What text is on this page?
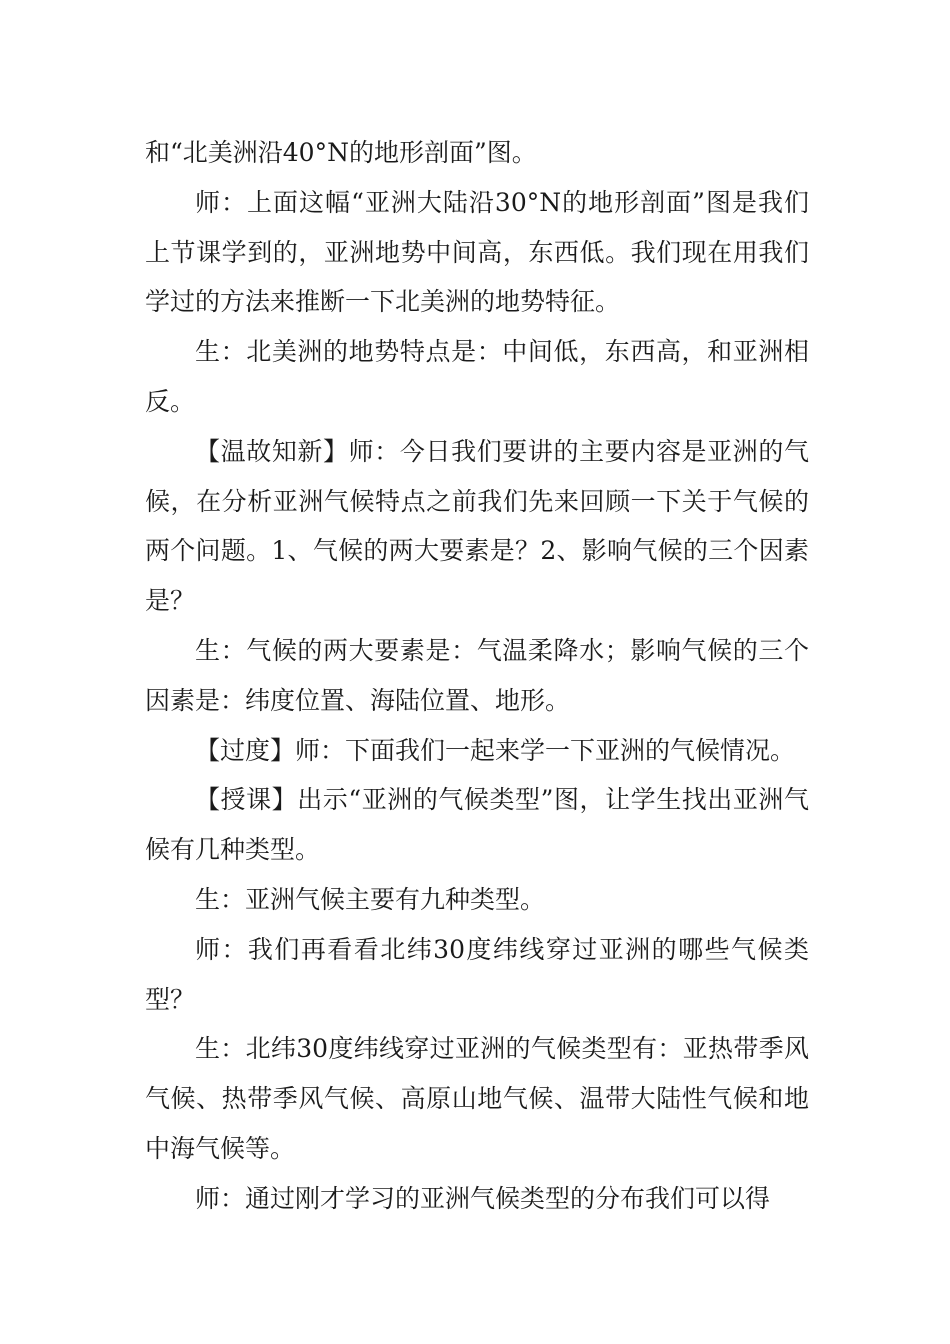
和“北美洲沿40°N的地形剖面”图。

师：上面这幅“亚洲大陆沿30°N的地形剖面”图是我们上节课学到的，亚洲地势中间高，东西低。我们现在用我们学过的方法来推断一下北美洲的地势特征。

生：北美洲的地势特点是：中间低，东西高，和亚洲相反。

【温故知新】师：今日我们要讲的主要内容是亚洲的气候，在分析亚洲气候特点之前我们先来回顾一下关于气候的两个问题。1、气候的两大要素是？2、影响气候的三个因素是？

生：气候的两大要素是：气温柔降水；影响气候的三个因素是：纬度位置、海陆位置、地形。

【过度】师：下面我们一起来学一下亚洲的气候情况。

【授课】出示“亚洲的气候类型”图，让学生找出亚洲气候有几种类型。

生：亚洲气候主要有九种类型。

师：我们再看看北纬30度纬线穿过亚洲的哪些气候类型？

生：北纬30度纬线穿过亚洲的气候类型有：亚热带季风气候、热带季风气候、高原山地气候、温带大陆性气候和地中海气候等。

师：通过刚才学习的亚洲气候类型的分布我们可以得
